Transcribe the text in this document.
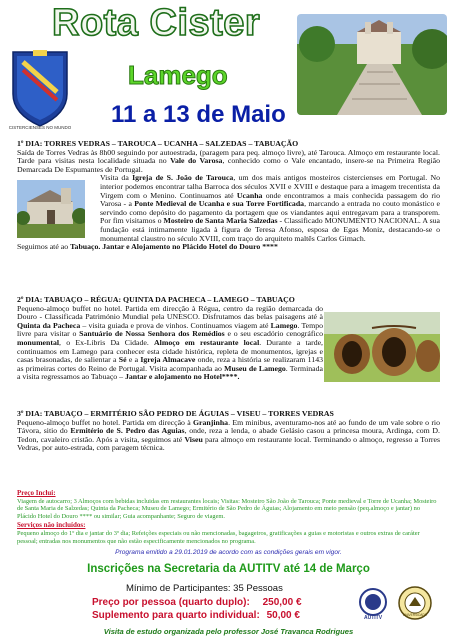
Rota Cister
Lamego
11 a 13 de Maio
CISTERCIENSES NO MUNDO

1º DIA: TORRES VEDRAS – TAROUCA – UCANHA – SALZEDAS – TABUAÇÃO

Saída de Torres Vedras às 8h00 seguindo por autoestrada, (paragem para peq. almoço livre), até Tarouca. Almoço em restaurante local. Tarde para visitas nesta localidade situada no Vale do Varosa, conhecido como o Vale encantado, insere-se na Primeira Região Demarcada De Espumantes de Portugal.

Visita da Igreja de S. João de Tarouca, um dos mais antigos mosteiros cistercienses em Portugal. No interior podemos encontrar talha Barroca dos séculos XVII e XVIII e destaque para a imagem trecentista da Virgem com o Menino. Continuamos até Ucanha onde encontramos a mais conhecida passagem do rio Varosa - a Ponte Medieval de Ucanha e sua Torre Fortificada, marcando a entrada no couto monástico e servindo como depósito do pagamento da portagem que os viandantes aqui entregavam para a transporem. Por fim visitamos o Mosteiro de Santa Maria Salzedas - Classificado MONUMENTO NACIONAL. A sua fundação está intimamente ligada à figura de Teresa Afonso, esposa de Egas Moniz, destacando-se o monumental claustro no século XVIII, com traço do arquiteto maltês Carlos Gimach.

Seguimos até ao Tabuaço. Jantar e Alojamento no Plácido Hotel do Douro ****

2º DIA: TABUAÇO – RÉGUA: QUINTA DA PACHECA – LAMEGO – TABUAÇO

Pequeno-almoço buffet no hotel. Partida em direcção à Régua, centro da região demarcada do Douro - Classificada Património Mundial pela UNESCO. Disfrutamos das belas paisagens até à Quinta da Pacheca – visita guiada e prova de vinhos. Continuamos viagem até Lamego. Tempo livre para visitar o Santuário de Nossa Senhora dos Remédios e o seu escadório cenográfico monumental, o Ex-Libris Da Cidade. Almoço em restaurante local. Durante a tarde, continuamos em Lamego para conhecer esta cidade histórica, repleta de monumentos, igrejas e casas brasonadas, de salientar a Sé e a Igreja Almacave onde, reza a história se realizaram 1143 as primeiras cortes do Reino de Portugal. Visita acompanhada ao Museu de Lamego. Terminada a visita regressamos ao Tabuaço – Jantar e alojamento no Hotel****.

3º DIA: TABUAÇO – ERMITÉRIO SÃO PEDRO DE ÁGUIAS – VISEU – TORRES VEDRAS

Pequeno-almoço buffet no hotel. Partida em direcção à Granjinha. Em minibus, aventuramo-nos até ao fundo de um vale sobre o rio Távora, sitio do Ermitério de S. Pedro das Aguias, onde, reza a lenda, o abade Gelásio casou a princesa moura, Ardinga, com D. Tedon, cavaleiro cristão. Após a visita, seguimos até Viseu para almoço em restaurante local. Terminando o almoço, regresso a Torres Vedras, por auto-estrada, com paragem técnica.

Preço Inclui:

Viagem de autocarro; 3 Almoços com bebidas incluidas em restaurantes locais; Visitas: Mosteiro São João de Tarouca; Ponte medieval e Torre de Ucanha; Mosteiro de Santa Maria de Salzedas; Quinta da Pacheca; Museu de Lamego; Ermitério de São Pedro de Águias; Alojamento em meio pensão (peq.almoço e jantar) no Plácido Hotel do Douro **** ou similar; Guia acompanhante; Seguro de viagem.

Serviços não incluídos:

Pequeno almoço do 1º dia e jantar do 3º dia; Refeições especiais ou não mencionadas, bagageiros, gratificações a guias e motoristas e outros extras de caráter pessoal; entradas nos monumentos que não estão especificamente mencionados no programa.

Programa emitido a 29.01.2019 de acordo com as condições gerais em vigor.
Inscrições na Secretaria da AUTITV até 14 de Março
Mínimo de Participantes: 35 Pessoas
Preço por pessoa (quarto duplo): 250,00 €
Suplemento para quarto individual: 50,00 €	AUTITV	UNIVERSIDADE
Visita de estudo organizada pelo professor José Travanca Rodrigues
